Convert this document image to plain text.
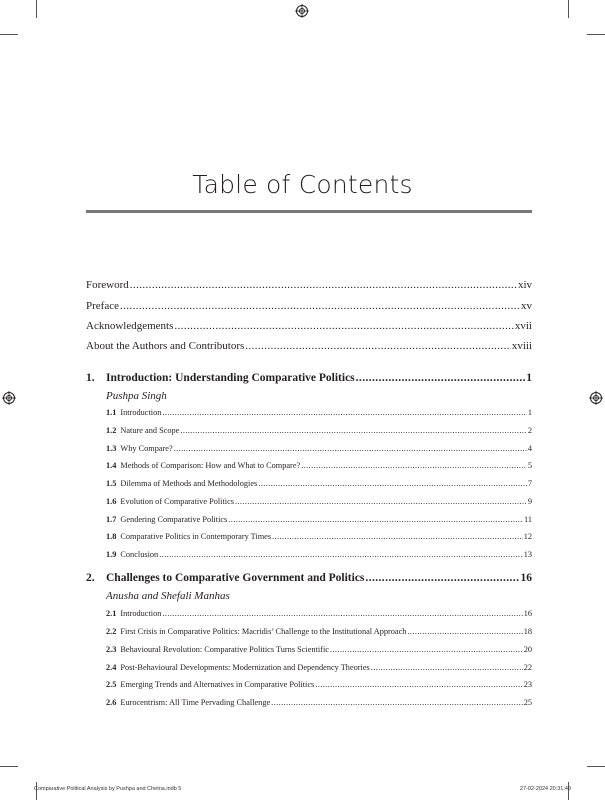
Table of Contents
Foreword .....	xiv
Preface .....	xv
Acknowledgements .....	xvii
About the Authors and Contributors .....	xviii
1. Introduction: Understanding Comparative Politics .....	1
Pushpa Singh
1.1 Introduction .....	1
1.2 Nature and Scope .....	2
1.3 Why Compare? .....	4
1.4 Methods of Comparison: How and What to Compare? .....	5
1.5 Dilemma of Methods and Methodologies .....	7
1.6 Evolution of Comparative Politics .....	9
1.7 Gendering Comparative Politics .....	11
1.8 Comparative Politics in Contemporary Times .....	12
1.9 Conclusion .....	13
2. Challenges to Comparative Government and Politics .....	16
Anusha and Shefali Manhas
2.1 Introduction .....	16
2.2 First Crisis in Comparative Politics: Macridis’ Challenge to the Institutional Approach .....	18
2.3 Behavioural Revolution: Comparative Politics Turns Scientific .....	20
2.4 Post-Behavioural Developments: Modernization and Dependency Theories .....	22
2.5 Emerging Trends and Alternatives in Comparative Politics .....	23
2.6 Eurocentrism: All Time Pervading Challenge .....	25
Comparative Political Analysis by Pushpa and Chetna.indb 5	27-02-2024 20:31:49
